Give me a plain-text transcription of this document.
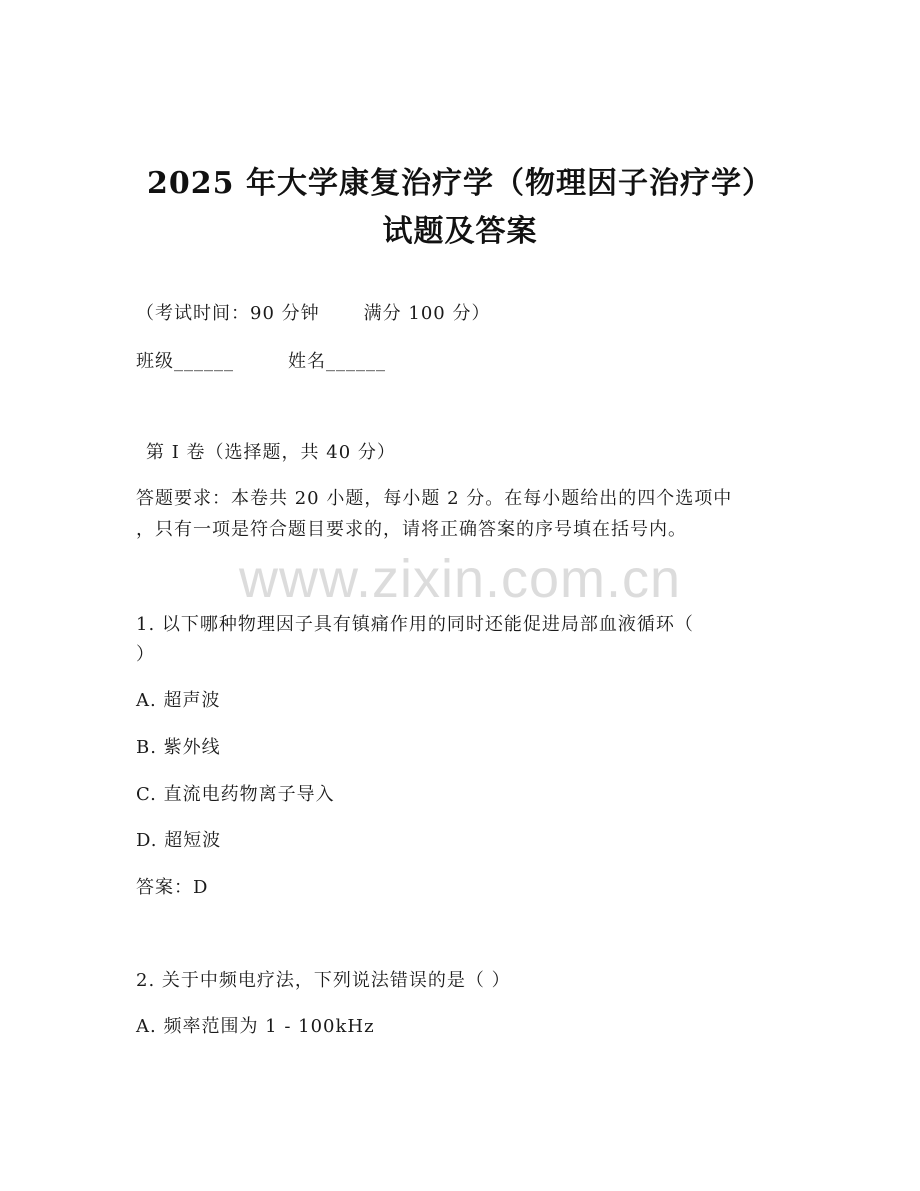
2025 年大学康复治疗学（物理因子治疗学）
试题及答案
（考试时间：90 分钟 满分 100 分）
班级______	姓名______
第 I 卷（选择题，共 40 分）
答题要求：本卷共 20 小题，每小题 2 分。在每小题给出的四个选项中
，只有一项是符合题目要求的，请将正确答案的序号填在括号内。
www.zixin.com.cn
1. 以下哪种物理因子具有镇痛作用的同时还能促进局部血液循环（
）
A. 超声波
B. 紫外线
C. 直流电药物离子导入
D. 超短波
答案：D
2. 关于中频电疗法，下列说法错误的是（ ）
A. 频率范围为 1 - 100kHz
